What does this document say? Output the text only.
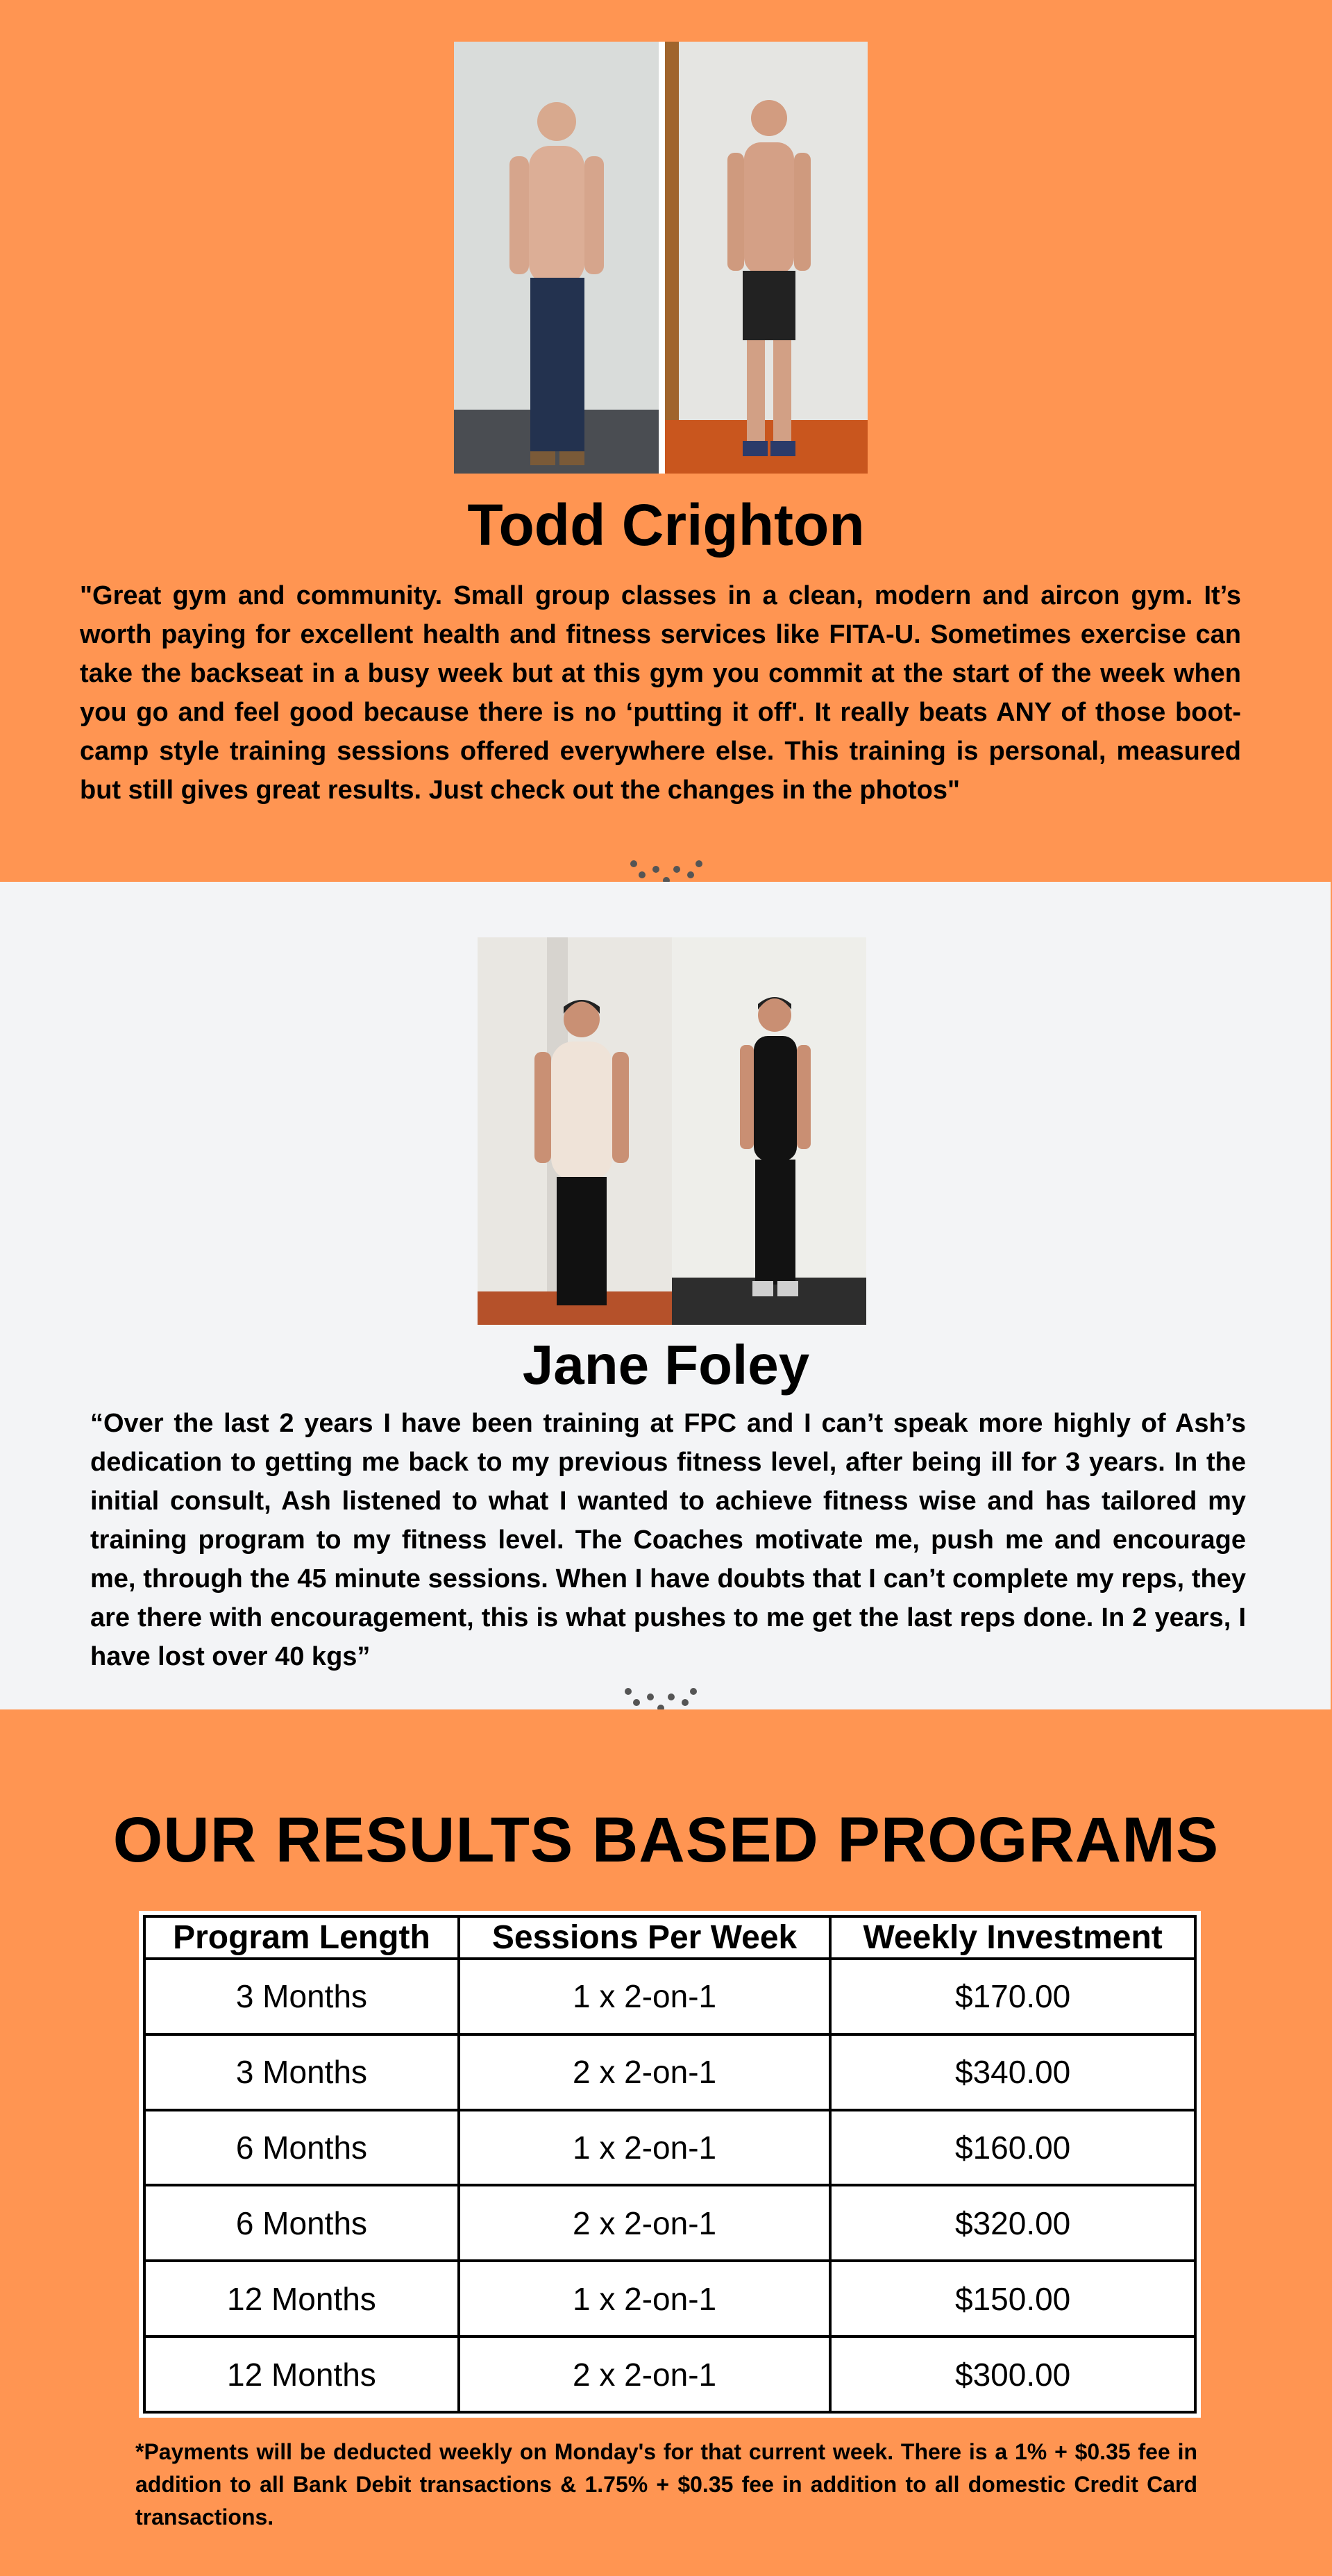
Todd Crighton

"Great gym and community. Small group classes in a clean, modern and aircon gym. It’s worth paying for excellent health and fitness services like FITA-U. Sometimes exercise can take the backseat in a busy week but at this gym you commit at the start of the week when you go and feel good because there is no ‘putting it off'. It really beats ANY of those boot-camp style training sessions offered everywhere else. This training is personal, measured but still gives great results. Just check out the changes in the photos"

Jane Foley

“Over the last 2 years I have been training at FPC and I can’t speak more highly of Ash’s dedication to getting me back to my previous fitness level, after being ill for 3 years. In the initial consult, Ash listened to what I wanted to achieve fitness wise and has tailored my training program to my fitness level. The Coaches motivate me, push me and encourage me, through the 45 minute sessions. When I have doubts that I can’t complete my reps, they are there with encouragement, this is what pushes to me get the last reps done. In 2 years, I have lost over 40 kgs”

OUR RESULTS BASED PROGRAMS
Program Length	Sessions Per Week	Weekly Investment
3 Months	1 x 2-on-1	$170.00
3 Months	2 x 2-on-1	$340.00
6 Months	1 x 2-on-1	$160.00
6 Months	2 x 2-on-1	$320.00
12 Months	1 x 2-on-1	$150.00
12 Months	2 x 2-on-1	$300.00

*Payments will be deducted weekly on Monday's for that current week. There is a 1% + $0.35 fee in addition to all Bank Debit transactions & 1.75% + $0.35 fee in addition to all domestic Credit Card transactions.
